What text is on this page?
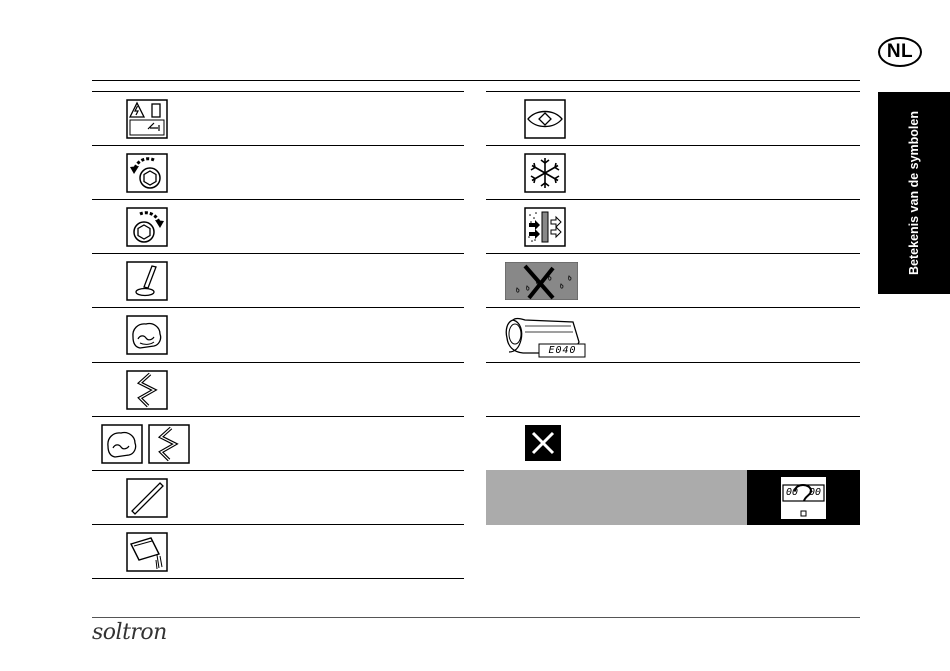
NL
Betekenis van de symbolen
E040
00	00
soltron
